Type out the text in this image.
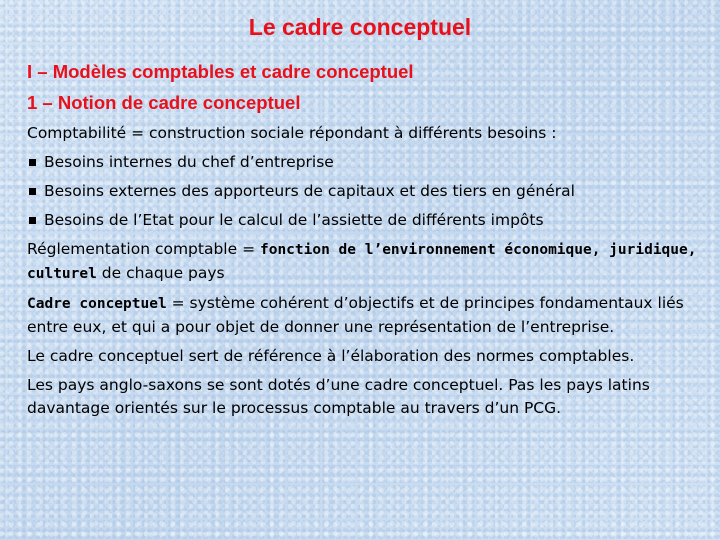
Le cadre conceptuel

I – Modèles comptables et cadre conceptuel

1 – Notion de cadre conceptuel

Comptabilité = construction sociale répondant à différents besoins :

Besoins internes du chef d’entreprise
Besoins externes des apporteurs de capitaux et des tiers en général
Besoins de l’Etat pour le calcul de l’assiette de différents impôts

Réglementation comptable = fonction de l’environnement économique, juridique, culturel de chaque pays

Cadre conceptuel = système cohérent d’objectifs et de principes fondamentaux liés entre eux, et qui a pour objet de donner une représentation de l’entreprise.

Le cadre conceptuel sert de référence à l’élaboration des normes comptables.

Les pays anglo-saxons se sont dotés d’une cadre conceptuel. Pas les pays latins davantage orientés sur le processus comptable au travers d’un PCG.
